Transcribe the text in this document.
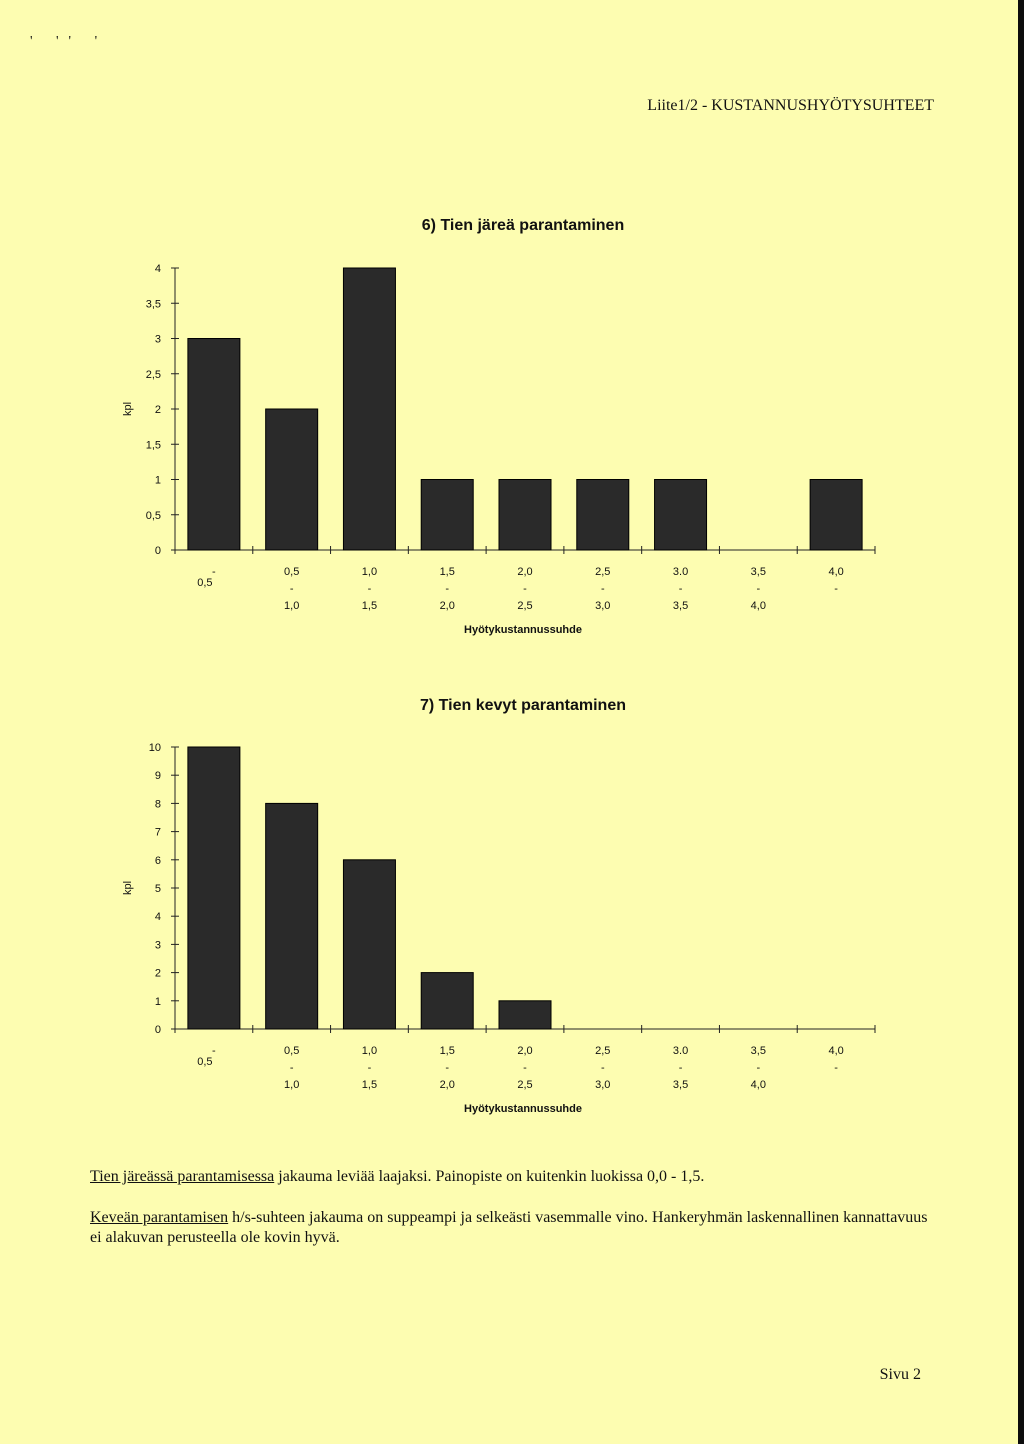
' '' '
Liite1/2 - KUSTANNUSHYÖTYSUHTEET
6) Tien järeä parantaminen
0
0,5
1
1,5
2
2,5
3
3,5
4
kpl
-
0,5
0,5
-
1,0
1,0
-
1,5
1,5
-
2,0
2,0
-
2,5
2,5
-
3,0
3.0
-
3,5
3,5
-
4,0
4,0
-
Hyötykustannussuhde
7) Tien kevyt parantaminen
0
1
2
3
4
5
6
7
8
9
10
kpl
-
0,5
0,5
-
1,0
1,0
-
1,5
1,5
-
2,0
2,0
-
2,5
2,5
-
3,0
3.0
-
3,5
3,5
-
4,0
4,0
-
Hyötykustannussuhde
Tien järeässä parantamisessa jakauma leviää laajaksi. Painopiste on kuitenkin luokissa 0,0 - 1,5.
Keveän parantamisen h/s-suhteen jakauma on suppeampi ja selkeästi vasemmalle vino. Hankeryhmän laskennallinen kannattavuus ei alakuvan perusteella ole kovin hyvä.
Sivu 2
